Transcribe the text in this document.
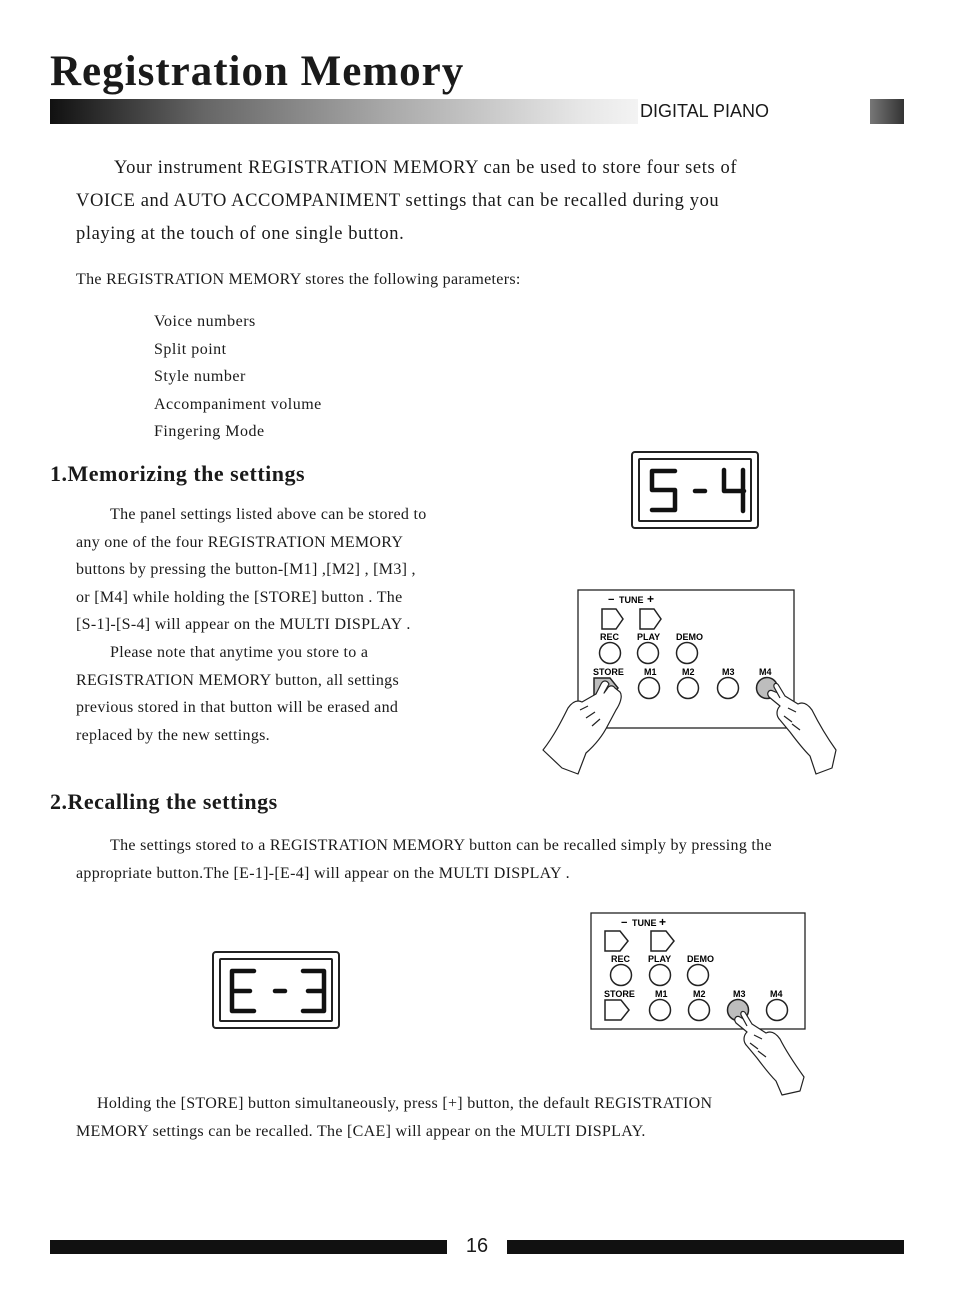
Registration Memory
DIGITAL PIANO
Your instrument REGISTRATION MEMORY can be used to store four sets of
VOICE and AUTO ACCOMPANIMENT settings that can be recalled during you
playing at the touch of one single button.
The REGISTRATION MEMORY stores the following parameters:
Voice numbers
Split point
Style number
Accompaniment volume
Fingering Mode
1.Memorizing the settings
The panel settings listed above can be stored to
any one of the four REGISTRATION MEMORY
buttons by pressing the button-[M1] ,[M2] , [M3] ,
or [M4] while holding the [STORE] button . The
[S-1]-[S-4] will appear on the MULTI DISPLAY .
Please note that anytime you store to a
REGISTRATION MEMORY button, all settings
previous stored in that button will be erased and
replaced by the new settings.
− TUNE +
REC PLAY DEMO
STORE M1	M2	M3	M4
2.Recalling the settings
The settings stored to a REGISTRATION MEMORY button can be recalled simply by pressing the
appropriate button.The [E-1]-[E-4] will appear on the MULTI DISPLAY .
− TUNE +
REC PLAY DEMO
STORE M1	M2	M3	M4
Holding the [STORE] button simultaneously, press [+] button, the default REGISTRATION
MEMORY settings can be recalled. The [CAE] will appear on the MULTI DISPLAY.
16
